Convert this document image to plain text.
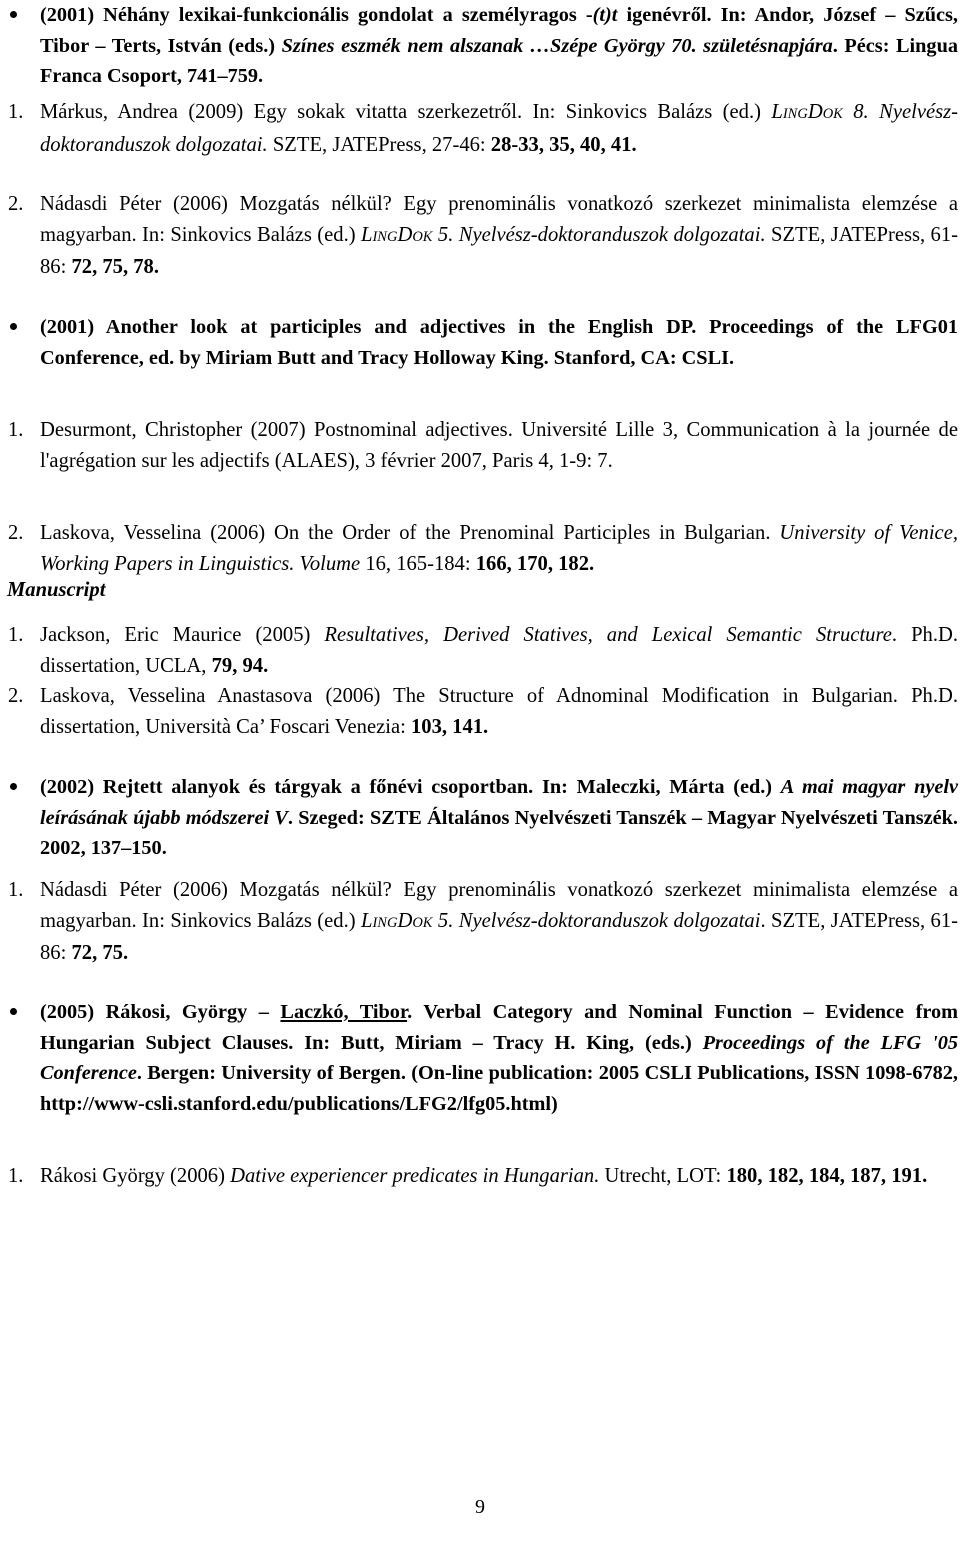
(2001) Néhány lexikai-funkcionális gondolat a személyragos -(t)t igenévről. In: Andor, József – Szűcs, Tibor – Terts, István (eds.) Színes eszmék nem alszanak …Szépe György 70. születésnapjára. Pécs: Lingua Franca Csoport, 741‒759.
1. Márkus, Andrea (2009) Egy sokak vitatta szerkezetről. In: Sinkovics Balázs (ed.) LINGDOK 8. Nyelvész-doktoranduszok dolgozatai. SZTE, JATEPress, 27-46: 28-33, 35, 40, 41.
2. Nádasdi Péter (2006) Mozgatás nélkül? Egy prenominális vonatkozó szerkezet minimalista elemzése a magyarban. In: Sinkovics Balázs (ed.) LINGDOK 5. Nyelvész-doktoranduszok dolgozatai. SZTE, JATEPress, 61-86: 72, 75, 78.
(2001) Another look at participles and adjectives in the English DP. Proceedings of the LFG01 Conference, ed. by Miriam Butt and Tracy Holloway King. Stanford, CA: CSLI.
1. Desurmont, Christopher (2007) Postnominal adjectives. Université Lille 3, Communication à la journée de l'agrégation sur les adjectifs (ALAES), 3 février 2007, Paris 4, 1-9: 7.
2. Laskova, Vesselina (2006) On the Order of the Prenominal Participles in Bulgarian. University of Venice, Working Papers in Linguistics. Volume 16, 165-184: 166, 170, 182.
Manuscript
1. Jackson, Eric Maurice (2005) Resultatives, Derived Statives, and Lexical Semantic Structure. Ph.D. dissertation, UCLA, 79, 94.
2. Laskova, Vesselina Anastasova (2006) The Structure of Adnominal Modification in Bulgarian. Ph.D. dissertation, Università Ca’ Foscari Venezia: 103, 141.
(2002) Rejtett alanyok és tárgyak a főnévi csoportban. In: Maleczki, Márta (ed.) A mai magyar nyelv leírásának újabb módszerei V. Szeged: SZTE Általános Nyelvészeti Tanszék ‒ Magyar Nyelvészeti Tanszék. 2002, 137‒150.
1. Nádasdi Péter (2006) Mozgatás nélkül? Egy prenominális vonatkozó szerkezet minimalista elemzése a magyarban. In: Sinkovics Balázs (ed.) LINGDOK 5. Nyelvész-doktoranduszok dolgozatai. SZTE, JATEPress, 61-86: 72, 75.
(2005) Rákosi, György ‒ Laczkó, Tibor. Verbal Category and Nominal Function ‒ Evidence from Hungarian Subject Clauses. In: Butt, Miriam ‒ Tracy H. King, (eds.) Proceedings of the LFG '05 Conference. Bergen: University of Bergen. (On-line publication: 2005 CSLI Publications, ISSN 1098-6782, http://www-csli.stanford.edu/publications/LFG2/lfg05.html)
1. Rákosi György (2006) Dative experiencer predicates in Hungarian. Utrecht, LOT: 180, 182, 184, 187, 191.
9
